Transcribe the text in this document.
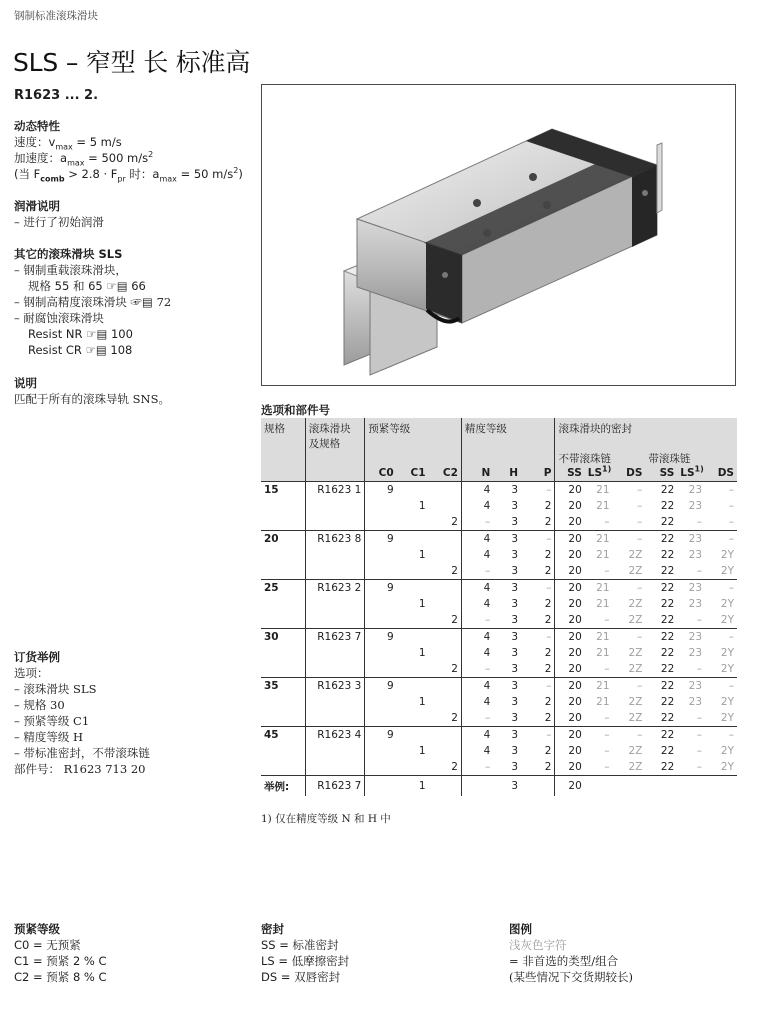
钢制标准滚珠滑块
SLS – 窄型 长 标准高
R1623 ... 2.
动态特性
速度：$v_{max} = 5$ m/s
加速度：$a_{max} = 500$ $m/s^2$
(当 $F_{comb} > 2.8 \cdot F_{pr}$ 时：$a_{max} = 50$ $m/s^2$)
润滑说明
– 进行了初始润滑
其它的滚珠滑块 SLS
– 钢制重载滚珠滑块，
规格 55 和 65 ☞▤ 66
– 钢制高精度滚珠滑块 ☞▤ 72
– 耐腐蚀滚珠滑块
Resist NR ☞▤ 100
Resist CR ☞▤ 108
说明
匹配于所有的滚珠导轨 SNS。
订货举例
选项：
– 滚珠滑块 SLS
– 规格 30
– 预紧等级 C1
– 精度等级 H
– 带标准密封，不带滚珠链
部件号： R1623 713 20
选项和部件号
规格	滚珠滑块
及规格	预紧等级			精度等级			滚珠滑块的密封					
								不带滚珠链			带滚珠链		
		C0	C1	C2	N	H	P	SS	LS$^{1)}$	DS	SS	LS$^{1)}$	DS
15	R1623 1	9			4	3	–	20	21	–	22	23	–
			1		4	3	2	20	21	–	22	23	–
				2	–	3	2	20	–	–	22	–	–
20	R1623 8	9			4	3	–	20	21	–	22	23	–
			1		4	3	2	20	21	2Z	22	23	2Y
				2	–	3	2	20	–	2Z	22	–	2Y
25	R1623 2	9			4	3	–	20	21	–	22	23	–
			1		4	3	2	20	21	2Z	22	23	2Y
				2	–	3	2	20	–	2Z	22	–	2Y
30	R1623 7	9			4	3	–	20	21	–	22	23	–
			1		4	3	2	20	21	2Z	22	23	2Y
				2	–	3	2	20	–	2Z	22	–	2Y
35	R1623 3	9			4	3	–	20	21	–	22	23	–
			1		4	3	2	20	21	2Z	22	23	2Y
				2	–	3	2	20	–	2Z	22	–	2Y
45	R1623 4	9			4	3	–	20	–	–	22	–	–
			1		4	3	2	20	–	2Z	22	–	2Y
				2	–	3	2	20	–	2Z	22	–	2Y
举例:	R1623 7		1			3		20					
1) 仅在精度等级 N 和 H 中
预紧等级
C0 = 无预紧
C1 = 预紧 2 % C
C2 = 预紧 8 % C
密封
SS = 标准密封
LS = 低摩擦密封
DS = 双唇密封
图例
浅灰色字符
= 非首选的类型/组合
(某些情况下交货期较长)
